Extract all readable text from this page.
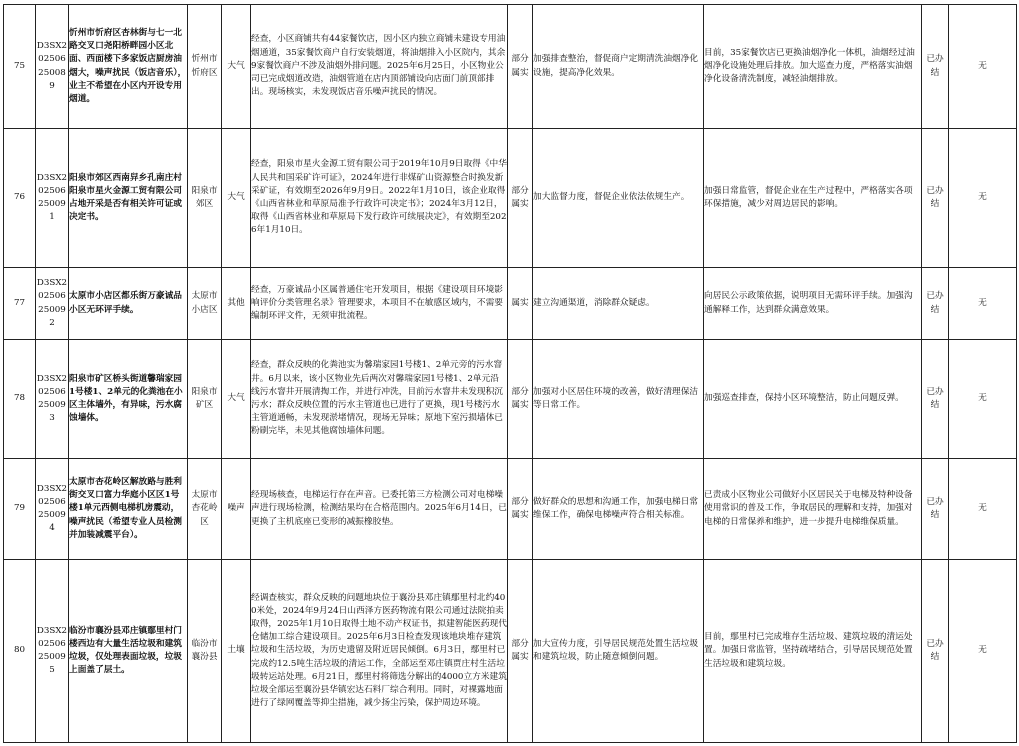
75	D3SX2025062500​89	忻州市忻府区杏林街与七一北路交叉口尧阳桥畔园小区北面、西面楼下多家饭店厨房油烟大，噪声扰民（饭店音乐），业主不希望在小区内开设专用烟道。	忻州市忻府区	大气	经查，小区商铺共有44家餐饮店，因小区内独立商铺未建设专用油烟通道，35家餐饮商户自行安装烟道，将油烟排入小区院内，其余9家餐饮商户不涉及油烟外排问题。2025年6月25日，小区物业公司已完成烟道改造，油烟管道在店内顶部铺设向店面门前顶部排出。现场核实，未发现饭店音乐噪声扰民的情况。	部分属实	加强排查整治，督促商户定期清洗油烟净化设施，提高净化效果。	目前，35家餐饮店已更换油烟净化一体机，油烟经过油烟净化设施处理后排放。加大巡查力度，严格落实油烟净化设备清洗制度，减轻油烟排放。	已办结	无
76	D3SX2025062500​91	阳泉市郊区西南舁乡孔南庄村阳泉市星火金源工贸有限公司占地开采是否有相关许可证或决定书。	阳泉市郊区	大气	经查，阳泉市星火金源工贸有限公司于2019年10月9日取得《中华人民共和国采矿许可证》，2024年进行非煤矿山资源整合时换发新采矿证，有效期至2026年9月9日。2022年1月10日，该企业取得《山西省林业和草原局准予行政许可决定书》；2024年3月12日，取得《山西省林业和草原局下发行政许可续展决定》，有效期至2026年1月10日。	部分属实	加大监督力度，督促企业依法依规生产。	加强日常监管，督促企业在生产过程中，严格落实各项环保措施，减少对周边居民的影响。	已办结	无
77	D3SX2025062500​92	太原市小店区都乐街万豪诚品小区无环评手续。	太原市小店区	其他	经查，万豪诚品小区属普通住宅开发项目，根据《建设项目环境影响评价分类管理名录》管理要求，本项目不在敏感区域内，不需要编制环评文件，无须审批流程。	属实	建立沟通渠道，消除群众疑虑。	向居民公示政策依据，说明项目无需环评手续。加强沟通解释工作，达到群众满意效果。	已办结	无
78	D3SX2025062500​93	阳泉市矿区桥头街道馨瑞家园1号楼1、2单元的化粪池在小区主体墙外，有异味，污水腐蚀墙体。	阳泉市矿区	大气	经查，群众反映的化粪池实为馨瑞家园1号楼1、2单元旁的污水窨井。6月以来，该小区物业先后两次对馨瑞家园1号楼1、2单元沿线污水窨井开展清掏工作，并进行冲洗，目前污水窨井未发现积沉污水；群众反映位置的污水主管道也已进行了更换，现1号楼污水主管道通畅，未发现淤堵情况，现场无异味；原地下室污损墙体已粉刷完毕，未见其他腐蚀墙体问题。	部分属实	加强对小区居住环境的改善，做好清理保洁等日常工作。	加强巡查排查，保持小区环境整洁，防止问题反弹。	已办结	无
79	D3SX2025062500​94	太原市杏花岭区解放路与胜利街交叉口富力华庭小区区1号楼1单元西侧电梯机房震动，噪声扰民（希望专业人员检测并加装减震平台）。	太原市杏花岭区	噪声	经现场核查，电梯运行存在声音。已委托第三方检测公司对电梯噪声进行现场检测，检测结果均在合格范围内。2025年6月14日，已更换了主机底座已变形的减振橡胶垫。	部分属实	做好群众的思想和沟通工作，加强电梯日常维保工作，确保电梯噪声符合相关标准。	已责成小区物业公司做好小区居民关于电梯及特种设备使用常识的普及工作，争取居民的理解和支持，加强对电梯的日常保养和维护，进一步提升电梯维保质量。	已办结	无
80	D3SX2025062500​95	临汾市襄汾县邓庄镇鄢里村门楼西边有大量生活垃圾和建筑垃圾，仅处理表面垃圾，垃圾上面盖了层土。	临汾市襄汾县	土壤	经调查核实，群众反映的问题地块位于襄汾县邓庄镇鄢里村北约400米处，2024年9月24日山西泽方医药物流有限公司通过法院拍卖取得，2025年1月10日取得土地不动产权证书，拟建智能医药现代仓储加工综合建设项目。2025年6月3日检查发现该地块堆存建筑垃圾和生活垃圾，为历史遗留及附近居民倾倒。6月3日，鄢里村已完成约12.5吨生活垃圾的清运工作，全部运至邓庄镇贾庄村生活垃圾转运站处理。6月21日，鄢里村将筛选分解出的4000立方米建筑垃圾全部运至襄汾县华镇宏达石料厂综合利用。同时，对裸露地面进行了绿网覆盖等抑尘措施，减少扬尘污染，保护周边环境。	部分属实	加大宣传力度，引导居民规范处置生活垃圾和建筑垃圾，防止随意倾倒问题。	目前，鄢里村已完成堆存生活垃圾、建筑垃圾的清运处置。加强日常监管，坚持疏堵结合，引导居民规范处置生活垃圾和建筑垃圾。	已办结	无
